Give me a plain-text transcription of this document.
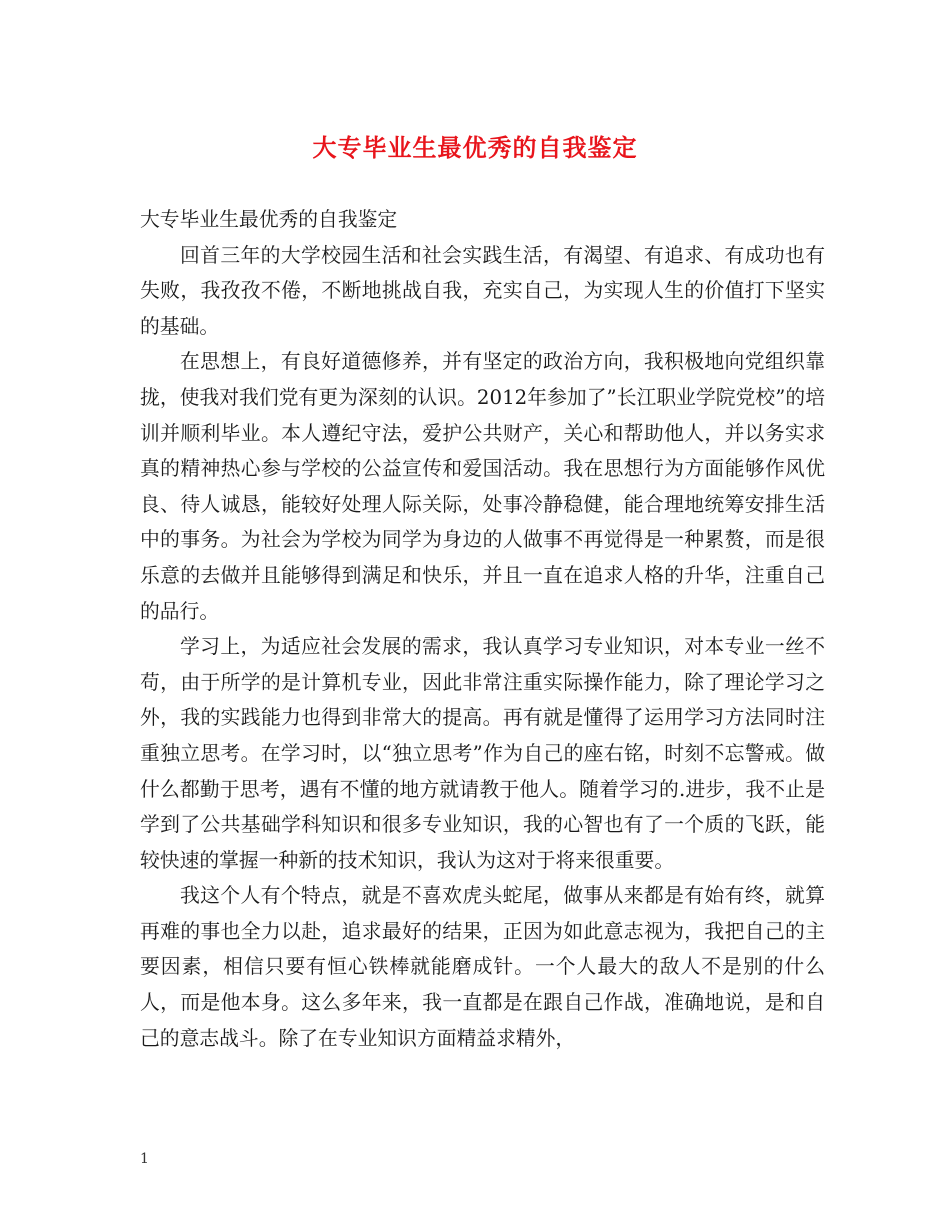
大专毕业生最优秀的自我鉴定

大专毕业生最优秀的自我鉴定

回首三年的大学校园生活和社会实践生活，有渴望、有追求、有成功也有失败，我孜孜不倦，不断地挑战自我，充实自己，为实现人生的价值打下坚实的基础。

在思想上，有良好道德修养，并有坚定的政治方向，我积极地向党组织靠拢，使我对我们党有更为深刻的认识。2012年参加了”长江职业学院党校”的培训并顺利毕业。本人遵纪守法，爱护公共财产，关心和帮助他人，并以务实求真的精神热心参与学校的公益宣传和爱国活动。我在思想行为方面能够作风优良、待人诚恳，能较好处理人际关际，处事冷静稳健，能合理地统筹安排生活中的事务。为社会为学校为同学为身边的人做事不再觉得是一种累赘，而是很乐意的去做并且能够得到满足和快乐，并且一直在追求人格的升华，注重自己的品行。

学习上，为适应社会发展的需求，我认真学习专业知识，对本专业一丝不苟，由于所学的是计算机专业，因此非常注重实际操作能力，除了理论学习之外，我的实践能力也得到非常大的提高。再有就是懂得了运用学习方法同时注重独立思考。在学习时，以“独立思考”作为自己的座右铭，时刻不忘警戒。做什么都勤于思考，遇有不懂的地方就请教于他人。随着学习的.进步，我不止是学到了公共基础学科知识和很多专业知识，我的心智也有了一个质的飞跃，能较快速的掌握一种新的技术知识，我认为这对于将来很重要。

我这个人有个特点，就是不喜欢虎头蛇尾，做事从来都是有始有终，就算再难的事也全力以赴，追求最好的结果，正因为如此意志视为，我把自己的主要因素，相信只要有恒心铁棒就能磨成针。一个人最大的敌人不是别的什么人，而是他本身。这么多年来，我一直都是在跟自己作战，准确地说，是和自己的意志战斗。除了在专业知识方面精益求精外，

1
